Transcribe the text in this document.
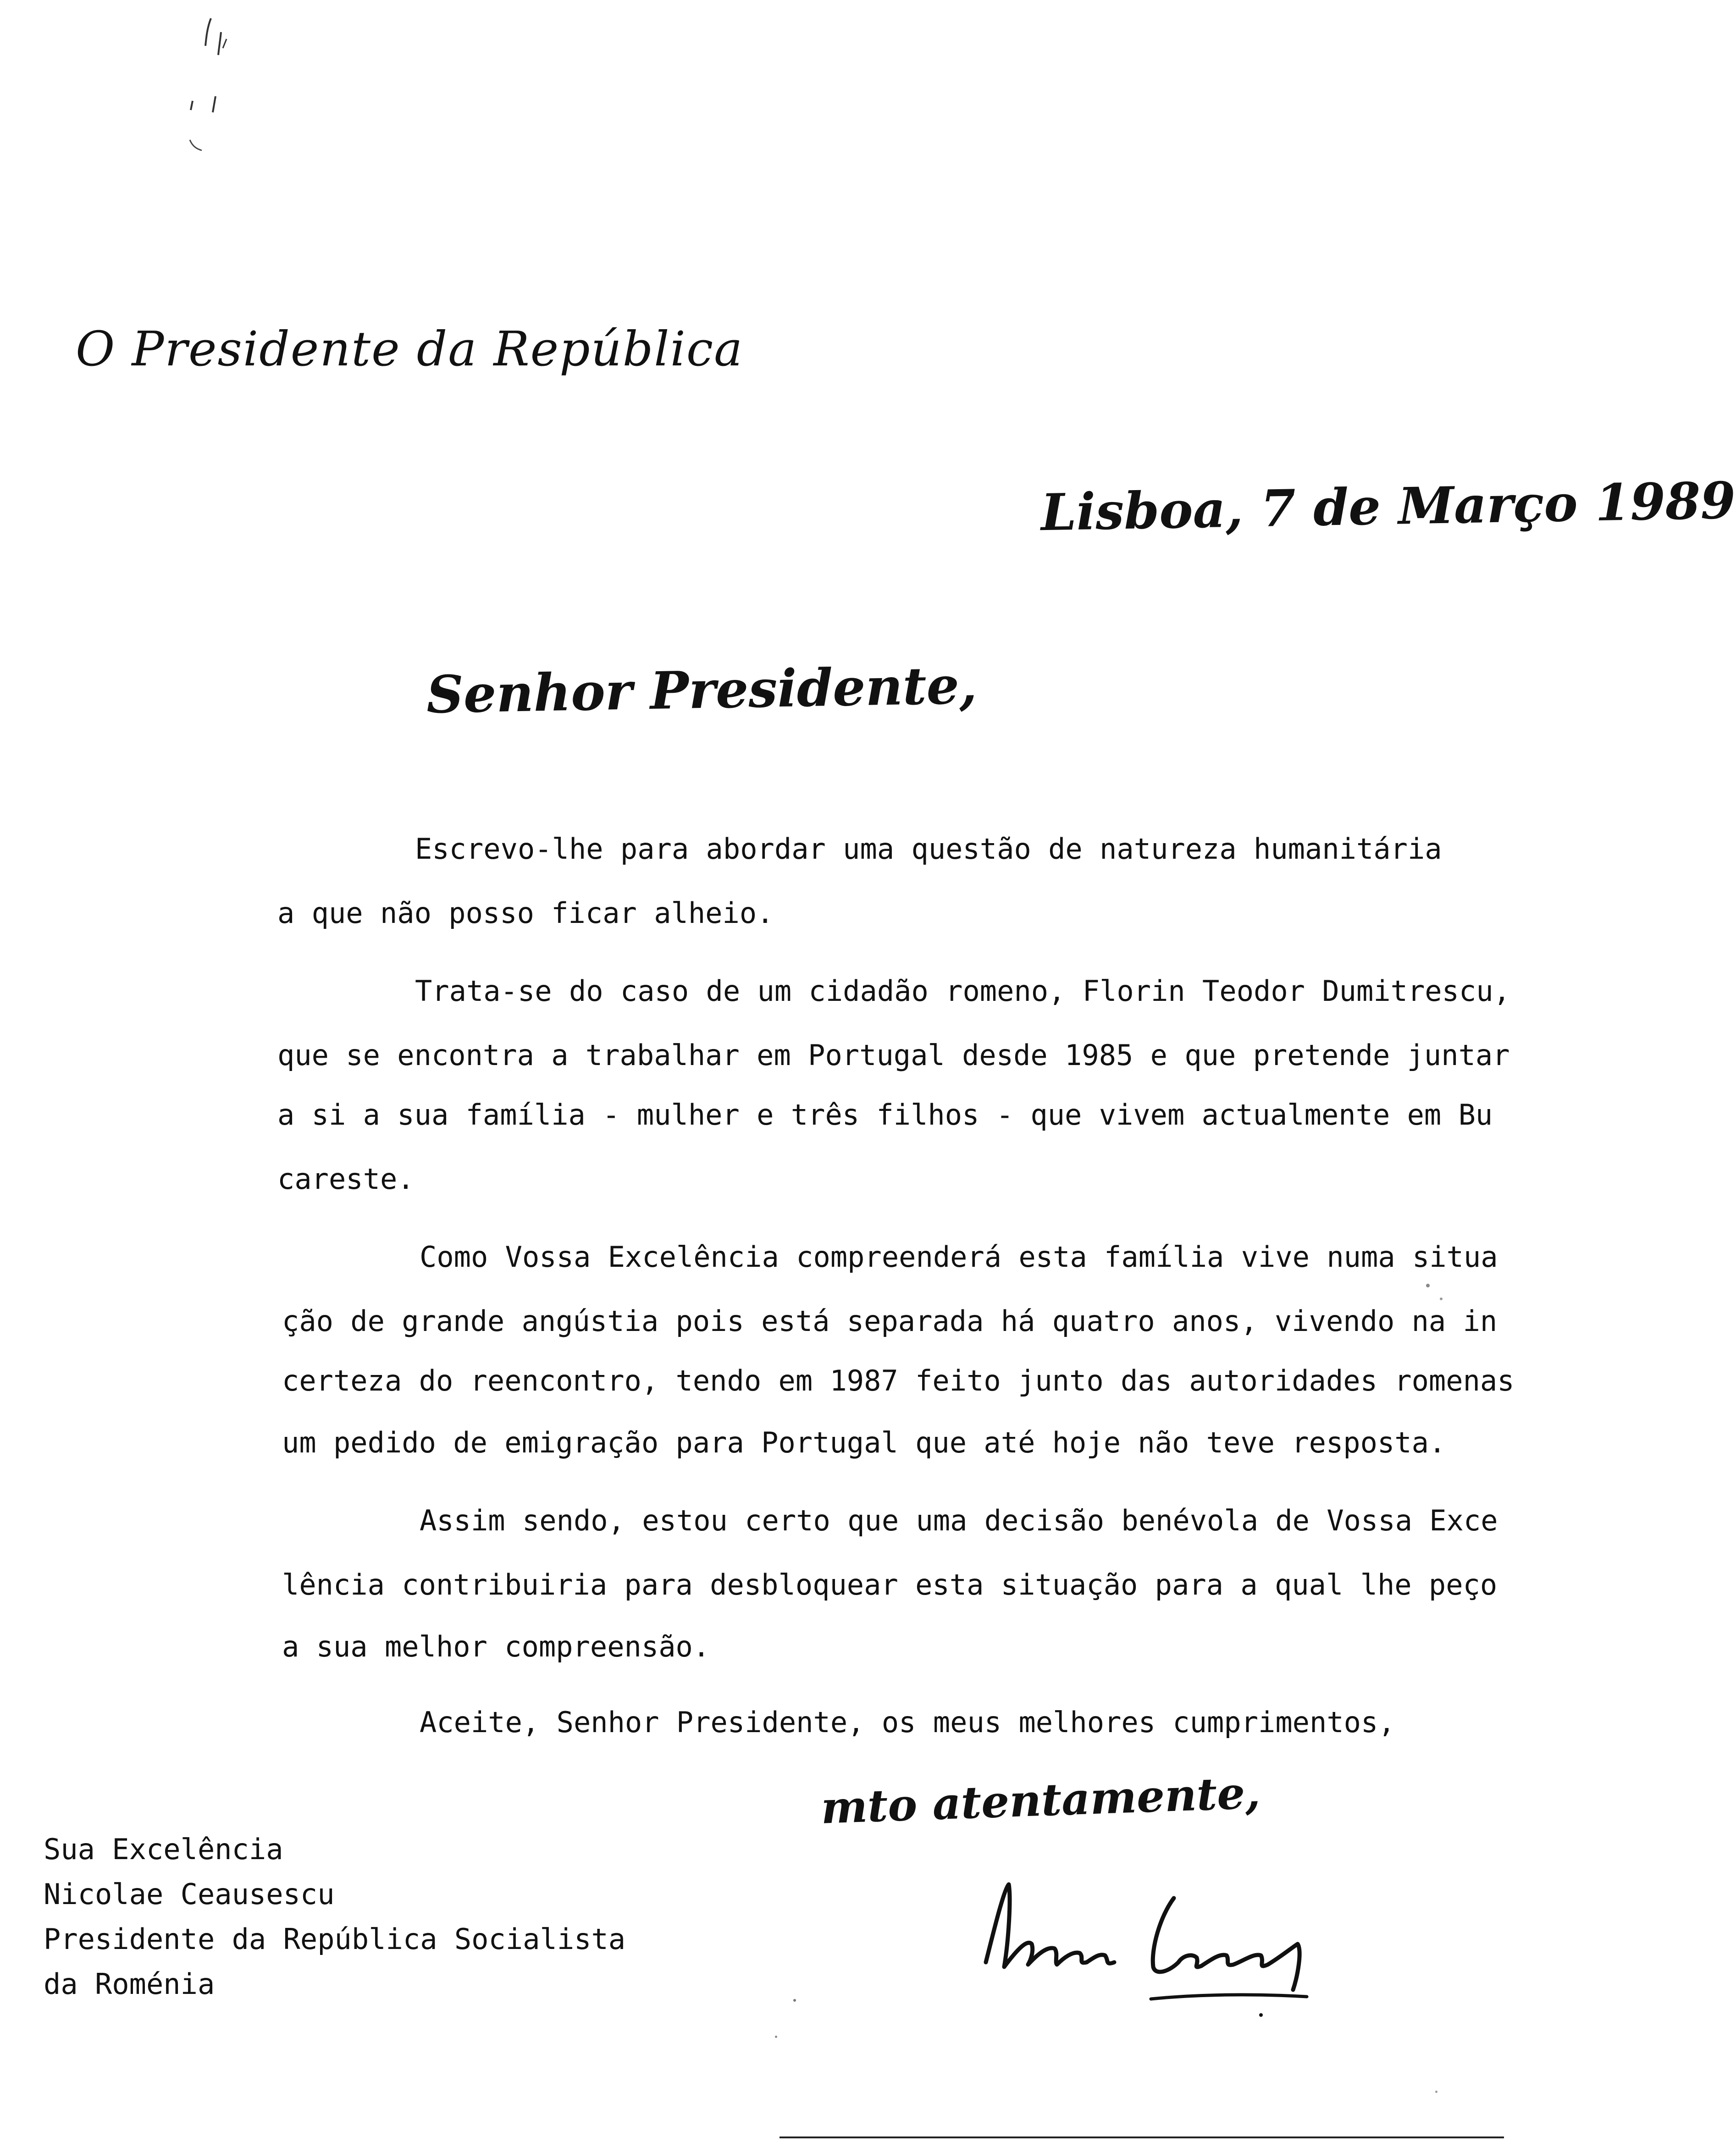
O Presidente da República
Lisboa, 7 de Março 1989
Senhor Presidente,
Escrevo-lhe para abordar uma questão de natureza humanitária
a que não posso ficar alheio.
Trata-se do caso de um cidadão romeno, Florin Teodor Dumitrescu,
que se encontra a trabalhar em Portugal desde 1985 e que pretende juntar
a si a sua família - mulher e três filhos - que vivem actualmente em Bu
careste.
Como Vossa Excelência compreenderá esta família vive numa situa
ção de grande angústia pois está separada há quatro anos, vivendo na in
certeza do reencontro, tendo em 1987 feito junto das autoridades romenas
um pedido de emigração para Portugal que até hoje não teve resposta.
Assim sendo, estou certo que uma decisão benévola de Vossa Exce
lência contribuiria para desbloquear esta situação para a qual lhe peço
a sua melhor compreensão.
Aceite, Senhor Presidente, os meus melhores cumprimentos,
mto atentamente,
Sua Excelência
Nicolae Ceausescu
Presidente da República Socialista
da Roménia
